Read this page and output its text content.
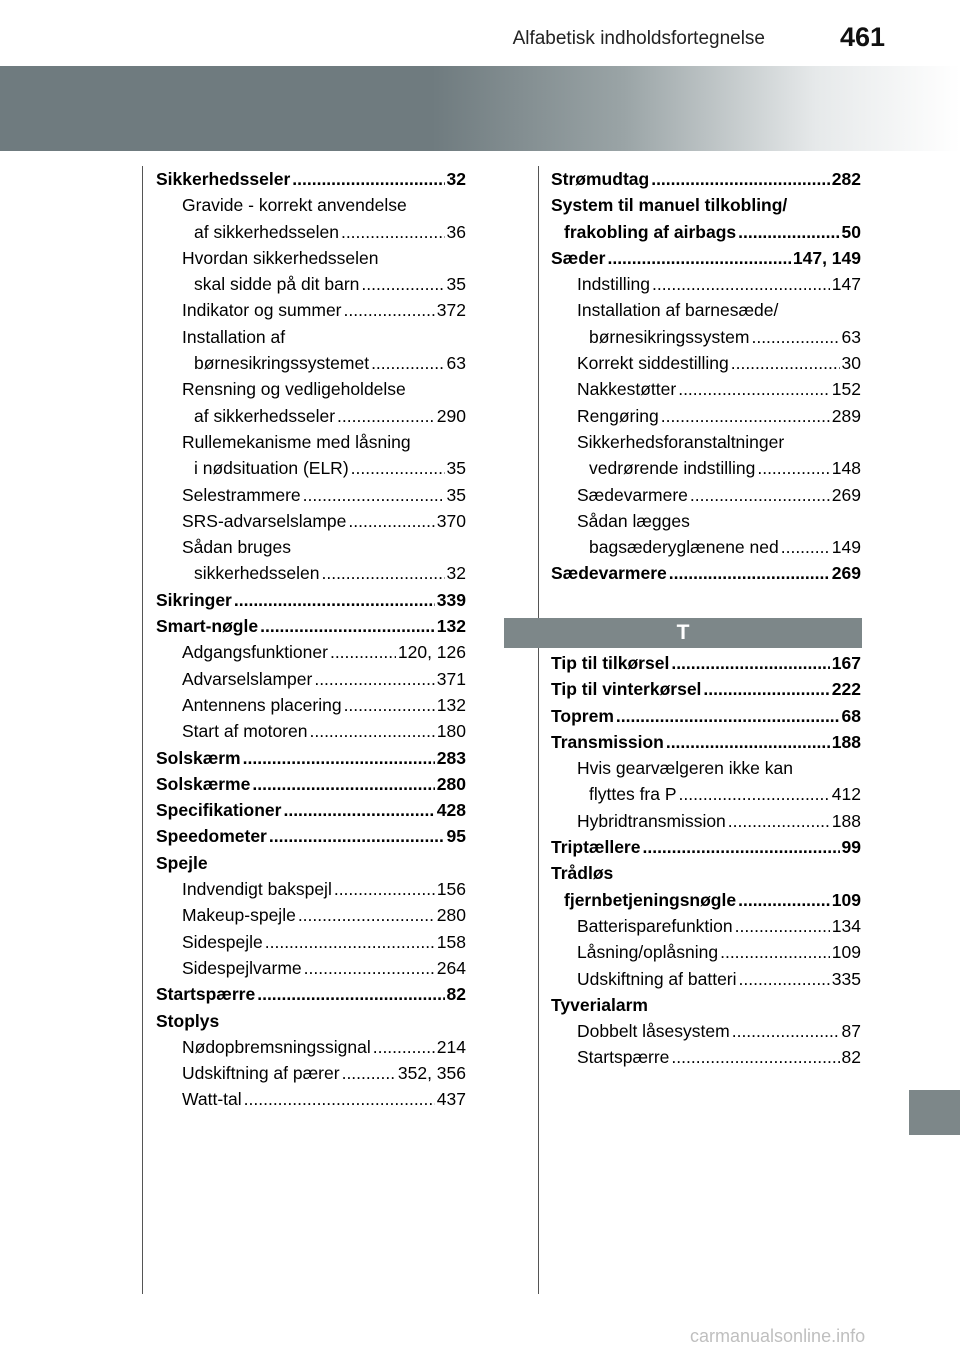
Alfabetisk indholdsfortegnelse	461
Sikkerhedsseler .....	32
Gravide - korrekt anvendelse
af sikkerhedsselen .....	36
Hvordan sikkerhedsselen
skal sidde på dit barn .....	35
Indikator og summer .....	372
Installation af
børnesikringssystemet .....	63
Rensning og vedligeholdelse
af sikkerhedsseler .....	290
Rullemekanisme med låsning
i nødsituation (ELR) .....	35
Selestrammere .....	35
SRS-advarselslampe .....	370
Sådan bruges
sikkerhedsselen .....	32
Sikringer .....	339
Smart-nøgle .....	132
Adgangsfunktioner .....	120, 126
Advarselslamper .....	371
Antennens placering .....	132
Start af motoren .....	180
Solskærm .....	283
Solskærme .....	280
Specifikationer .....	428
Speedometer .....	95
Spejle
Indvendigt bakspejl .....	156
Makeup-spejle .....	280
Sidespejle .....	158
Sidespejlvarme .....	264
Startspærre .....	82
Stoplys
Nødopbremsningssignal .....	214
Udskiftning af pærer .....	352, 356
Watt-tal .....	437
Strømudtag .....	282
System til manuel tilkobling/
frakobling af airbags .....	50
Sæder .....	147, 149
Indstilling .....	147
Installation af barnesæde/
børnesikringssystem .....	63
Korrekt siddestilling .....	30
Nakkestøtter .....	152
Rengøring .....	289
Sikkerhedsforanstaltninger
vedrørende indstilling .....	148
Sædevarmere .....	269
Sådan lægges
bagsæderyglænene ned .....	149
Sædevarmere .....	269
T
Tip til tilkørsel .....	167
Tip til vinterkørsel .....	222
Toprem .....	68
Transmission .....	188
Hvis gearvælgeren ikke kan
flyttes fra P .....	412
Hybridtransmission .....	188
Triptællere .....	99
Trådløs
fjernbetjeningsnøgle .....	109
Batterisparefunktion .....	134
Låsning/oplåsning .....	109
Udskiftning af batteri .....	335
Tyverialarm
Dobbelt låsesystem .....	87
Startspærre .....	82
carmanualsonline.info
